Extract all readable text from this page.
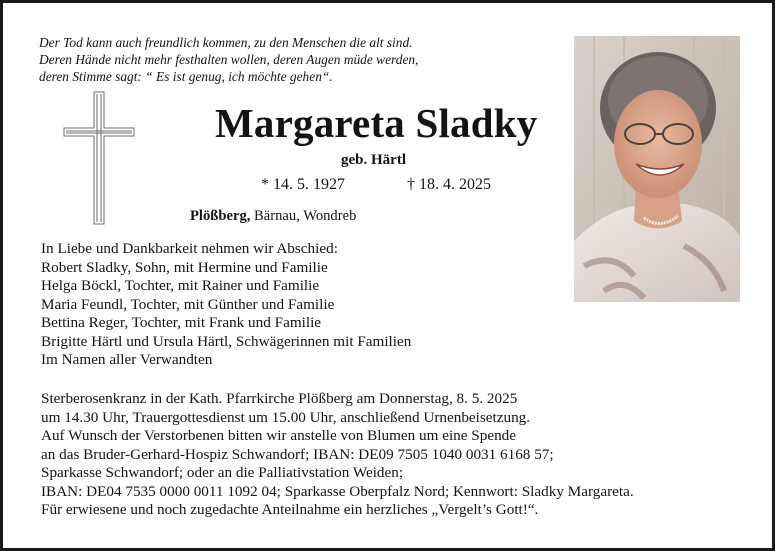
Der Tod kann auch freundlich kommen, zu den Menschen die alt sind.
Deren Hände nicht mehr festhalten wollen, deren Augen müde werden,
deren Stimme sagt: “ Es ist genug, ich möchte gehen“.
Margareta Sladky
geb. Härtl
* 14. 5. 1927	† 18. 4. 2025
Plößberg, Bärnau, Wondreb
In Liebe und Dankbarkeit nehmen wir Abschied:
Robert Sladky, Sohn, mit Hermine und Familie
Helga Böckl, Tochter, mit Rainer und Familie
Maria Feundl, Tochter, mit Günther und Familie
Bettina Reger, Tochter, mit Frank und Familie
Brigitte Härtl und Ursula Härtl, Schwägerinnen mit Familien
Im Namen aller Verwandten
Sterberosenkranz in der Kath. Pfarrkirche Plößberg am Donnerstag, 8. 5. 2025
um 14.30 Uhr, Trauergottesdienst um 15.00 Uhr, anschließend Urnenbeisetzung.
Auf Wunsch der Verstorbenen bitten wir anstelle von Blumen um eine Spende
an das Bruder-Gerhard-Hospiz Schwandorf; IBAN: DE09 7505 1040 0031 6168 57;
Sparkasse Schwandorf; oder an die Palliativstation Weiden;
IBAN: DE04 7535 0000 0011 1092 04; Sparkasse Oberpfalz Nord; Kennwort: Sladky Margareta.
Für erwiesene und noch zugedachte Anteilnahme ein herzliches „Vergelt’s Gott!“.
